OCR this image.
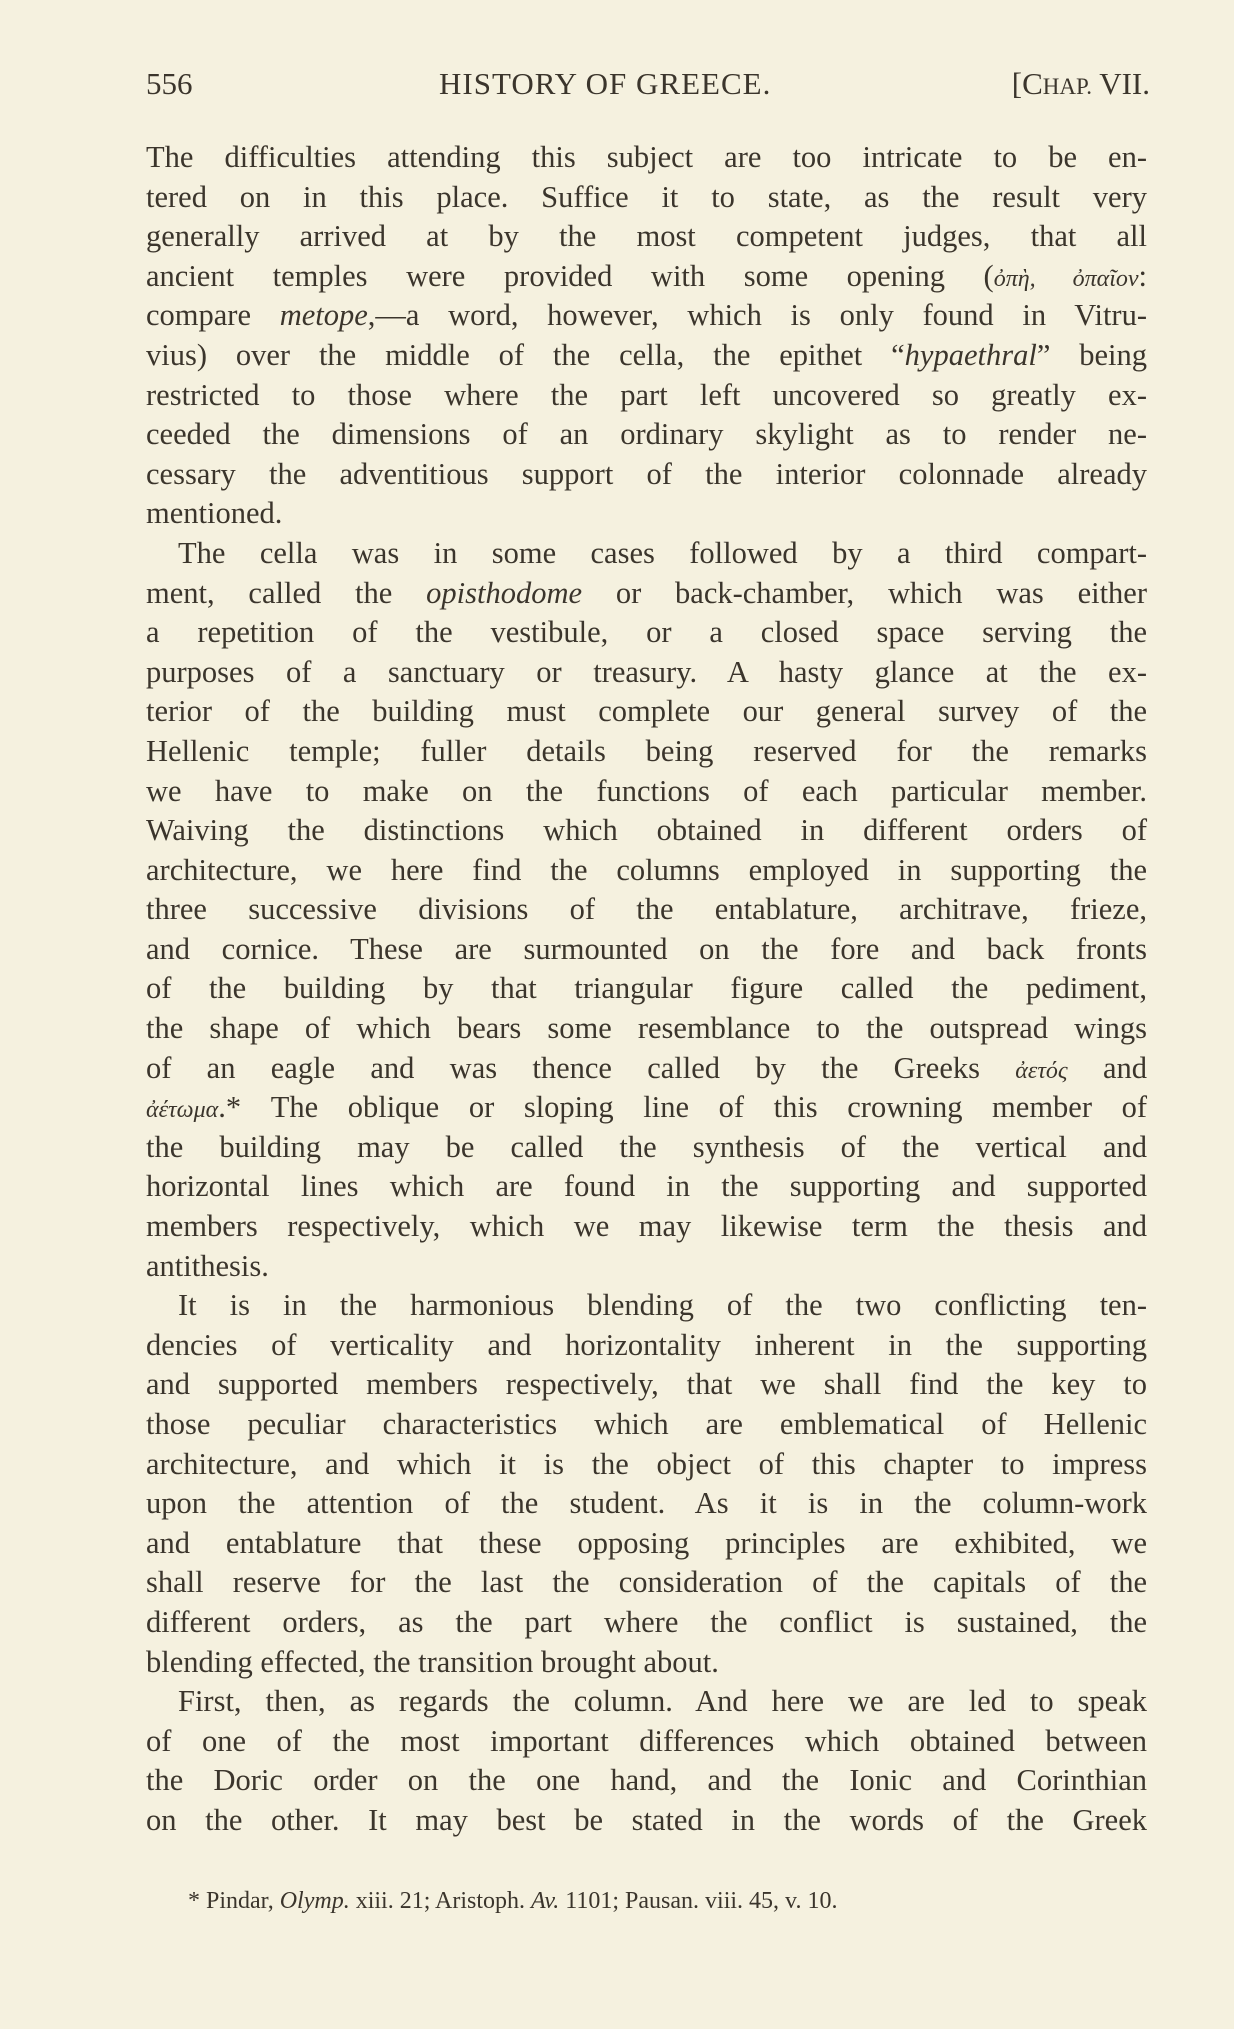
556	HISTORY OF GREECE.	[CHAP. VII.
The difficulties attending this subject are too intricate to be en-
tered on in this place. Suffice it to state, as the result very
generally arrived at by the most competent judges, that all
ancient temples were provided with some opening (ὀπὴ, ὀπαῖον:
compare metope,—a word, however, which is only found in Vitru-
vius) over the middle of the cella, the epithet “hypaethral” being
restricted to those where the part left uncovered so greatly ex-
ceeded the dimensions of an ordinary skylight as to render ne-
cessary the adventitious support of the interior colonnade already
mentioned.
The cella was in some cases followed by a third compart-
ment, called the opisthodome or back-chamber, which was either
a repetition of the vestibule, or a closed space serving the
purposes of a sanctuary or treasury. A hasty glance at the ex-
terior of the building must complete our general survey of the
Hellenic temple; fuller details being reserved for the remarks
we have to make on the functions of each particular member.
Waiving the distinctions which obtained in different orders of
architecture, we here find the columns employed in supporting the
three successive divisions of the entablature, architrave, frieze,
and cornice. These are surmounted on the fore and back fronts
of the building by that triangular figure called the pediment,
the shape of which bears some resemblance to the outspread wings
of an eagle and was thence called by the Greeks ἀετός and
ἀέτωμα.* The oblique or sloping line of this crowning member of
the building may be called the synthesis of the vertical and
horizontal lines which are found in the supporting and supported
members respectively, which we may likewise term the thesis and
antithesis.
It is in the harmonious blending of the two conflicting ten-
dencies of verticality and horizontality inherent in the supporting
and supported members respectively, that we shall find the key to
those peculiar characteristics which are emblematical of Hellenic
architecture, and which it is the object of this chapter to impress
upon the attention of the student. As it is in the column-work
and entablature that these opposing principles are exhibited, we
shall reserve for the last the consideration of the capitals of the
different orders, as the part where the conflict is sustained, the
blending effected, the transition brought about.
First, then, as regards the column. And here we are led to speak
of one of the most important differences which obtained between
the Doric order on the one hand, and the Ionic and Corinthian
on the other. It may best be stated in the words of the Greek
* Pindar, Olymp. xiii. 21; Aristoph. Av. 1101; Pausan. viii. 45, v. 10.
